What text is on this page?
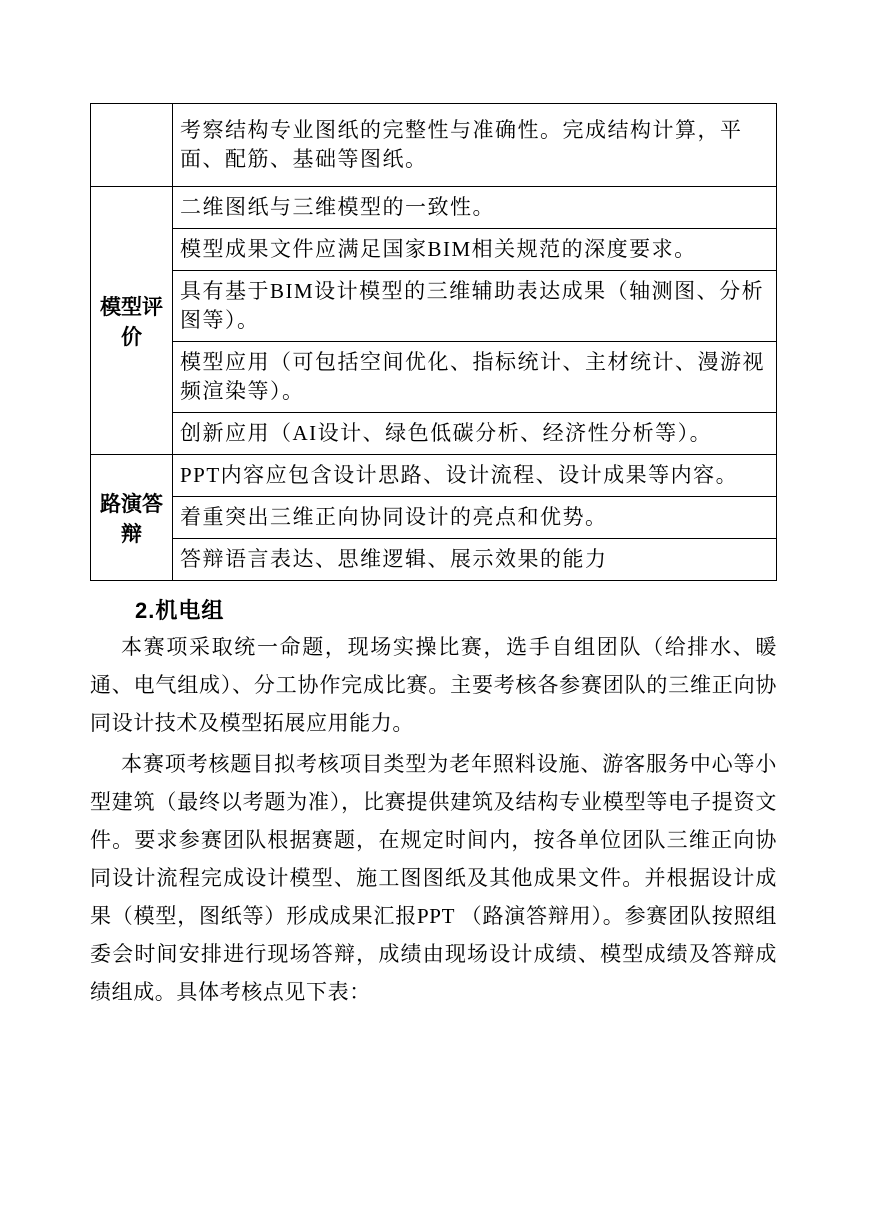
	考察结构专业图纸的完整性与准确性。完成结构计算，平面、配筋、基础等图纸。
模型评价	二维图纸与三维模型的一致性。
	模型成果文件应满足国家BIM相关规范的深度要求。
	具有基于BIM设计模型的三维辅助表达成果（轴测图、分析图等）。
	模型应用（可包括空间优化、指标统计、主材统计、漫游视频渲染等）。
	创新应用（AI设计、绿色低碳分析、经济性分析等）。
路演答辩	PPT内容应包含设计思路、设计流程、设计成果等内容。
	着重突出三维正向协同设计的亮点和优势。
	答辩语言表达、思维逻辑、展示效果的能力
2.机电组

本赛项采取统一命题，现场实操比赛，选手自组团队（给排水、暖通、电气组成）、分工协作完成比赛。主要考核各参赛团队的三维正向协同设计技术及模型拓展应用能力。

本赛项考核题目拟考核项目类型为老年照料设施、游客服务中心等小型建筑（最终以考题为准），比赛提供建筑及结构专业模型等电子提资文件。要求参赛团队根据赛题，在规定时间内，按各单位团队三维正向协同设计流程完成设计模型、施工图图纸及其他成果文件。并根据设计成果（模型，图纸等）形成成果汇报PPT （路演答辩用）。参赛团队按照组委会时间安排进行现场答辩，成绩由现场设计成绩、模型成绩及答辩成绩组成。具体考核点见下表：
